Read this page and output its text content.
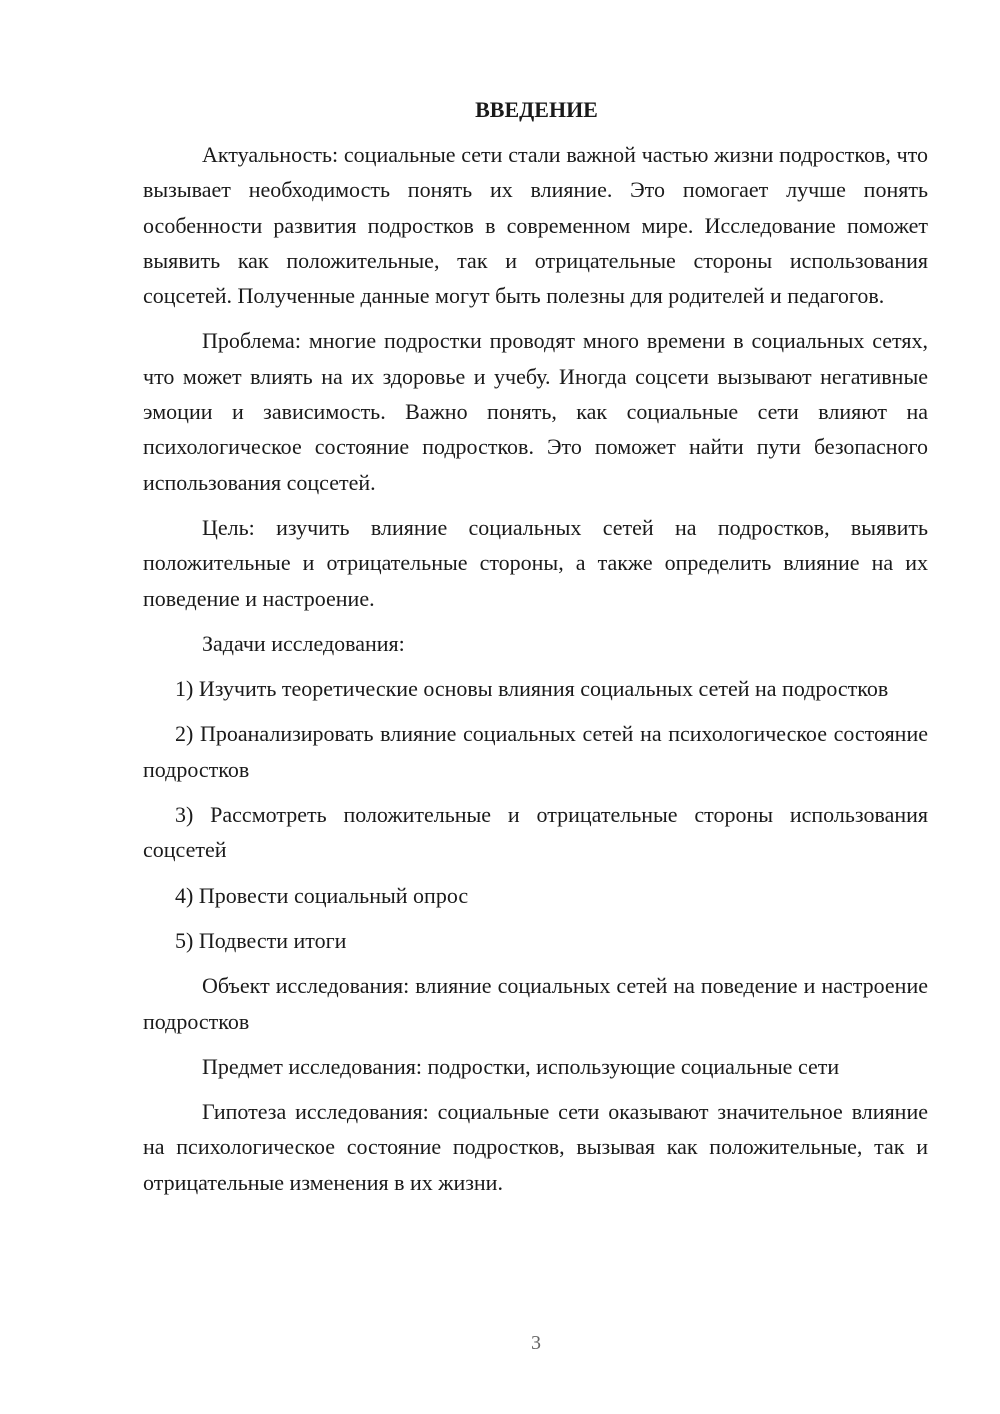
ВВЕДЕНИЕ

Актуальность: социальные сети стали важной частью жизни подростков, что вызывает необходимость понять их влияние. Это помогает лучше понять особенности развития подростков в современном мире. Исследование поможет выявить как положительные, так и отрицательные стороны использования соцсетей. Полученные данные могут быть полезны для родителей и педагогов.

Проблема: многие подростки проводят много времени в социальных сетях, что может влиять на их здоровье и учебу. Иногда соцсети вызывают негативные эмоции и зависимость. Важно понять, как социальные сети влияют на психологическое состояние подростков. Это поможет найти пути безопасного использования соцсетей.

Цель: изучить влияние социальных сетей на подростков, выявить положительные и отрицательные стороны, а также определить влияние на их поведение и настроение.

Задачи исследования:

1) Изучить теоретические основы влияния социальных сетей на подростков

2) Проанализировать влияние социальных сетей на психологическое состояние подростков

3) Рассмотреть положительные и отрицательные стороны использования соцсетей

4) Провести социальный опрос

5) Подвести итоги

Объект исследования: влияние социальных сетей на поведение и настроение подростков

Предмет исследования: подростки, использующие социальные сети

Гипотеза исследования: социальные сети оказывают значительное влияние на психологическое состояние подростков, вызывая как положительные, так и отрицательные изменения в их жизни.

3
